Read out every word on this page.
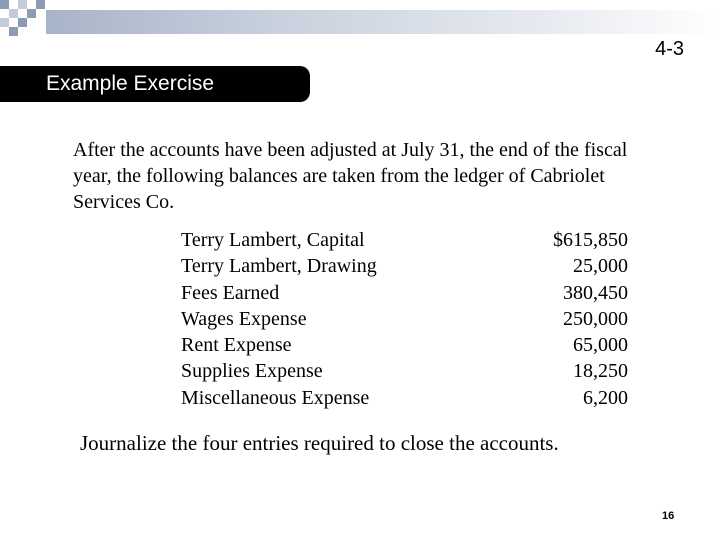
4-3
Example Exercise
After the accounts have been adjusted at July 31, the end of the fiscal year, the following balances are taken from the ledger of Cabriolet Services Co.
Terry Lambert, Capital	$615,850
Terry Lambert, Drawing	25,000
Fees Earned	380,450
Wages Expense	250,000
Rent Expense	65,000
Supplies Expense	18,250
Miscellaneous Expense	6,200
Journalize the four entries required to close the accounts.
16
